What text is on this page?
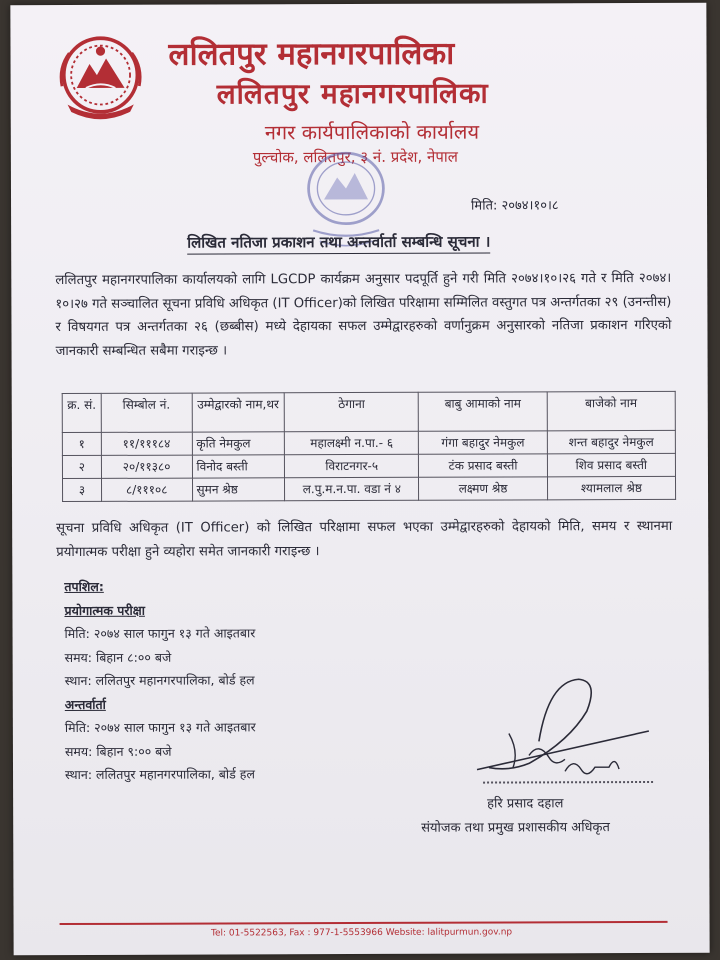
ललितपुर महानगरपालिका
ललितपुर महानगरपालिका
नगर कार्यपालिकाको कार्यालय
पुल्चोक, ललितपुर, ३ नं. प्रदेश, नेपाल
मिति: २०७४।१०।८
लिखित नतिजा प्रकाशन तथा अन्तर्वार्ता सम्बन्धि सूचना ।
ललितपुर महानगरपालिका कार्यालयको लागि LGCDP कार्यक्रम अनुसार पदपूर्ति हुने गरी मिति २०७४।१०।२६ गते र मिति २०७४।१०।२७ गते सञ्चालित सूचना प्रविधि अधिकृत (IT Officer)को लिखित परिक्षामा सम्मिलित वस्तुगत पत्र अन्तर्गतका २९ (उनन्तीस) र विषयगत पत्र अन्तर्गतका २६ (छब्बीस) मध्ये देहायका सफल उम्मेद्वारहरुको वर्णानुक्रम अनुसारको नतिजा प्रकाशन गरिएको जानकारी सम्बन्धित सबैमा गराइन्छ ।
क्र. सं.	सिम्बोल नं.	उम्मेद्वारको नाम,थर	ठेगाना	बाबु आमाको नाम	बाजेको नाम
१	११/१११८४	कृति नेमकुल	महालक्ष्मी न.पा.- ६	गंगा बहादुर नेमकुल	शन्त बहादुर नेमकुल
२	२०/११३८०	विनोद बस्ती	विराटनगर-५	टंक प्रसाद बस्ती	शिव प्रसाद बस्ती
३	८/१११०८	सुमन श्रेष्ठ	ल.पु.म.न.पा. वडा नं ४	लक्ष्मण श्रेष्ठ	श्यामलाल श्रेष्ठ
सूचना प्रविधि अधिकृत (IT Officer) को लिखित परिक्षामा सफल भएका उम्मेद्वारहरुको देहायको मिति, समय र स्थानमा प्रयोगात्मक परीक्षा हुने व्यहोरा समेत जानकारी गराइन्छ ।
तपशिल:
प्रयोगात्मक परीक्षा
मिति: २०७४ साल फागुन १३ गते आइतबार
समय: बिहान ८:०० बजे
स्थान: ललितपुर महानगरपालिका, बोर्ड हल
अन्तर्वार्ता
मिति: २०७४ साल फागुन १३ गते आइतबार
समय: बिहान ९:०० बजे
स्थान: ललितपुर महानगरपालिका, बोर्ड हल
हरि प्रसाद दहाल
संयोजक तथा प्रमुख प्रशासकीय अधिकृत
Tel: 01-5522563, Fax : 977-1-5553966 Website: lalitpurmun.gov.np
